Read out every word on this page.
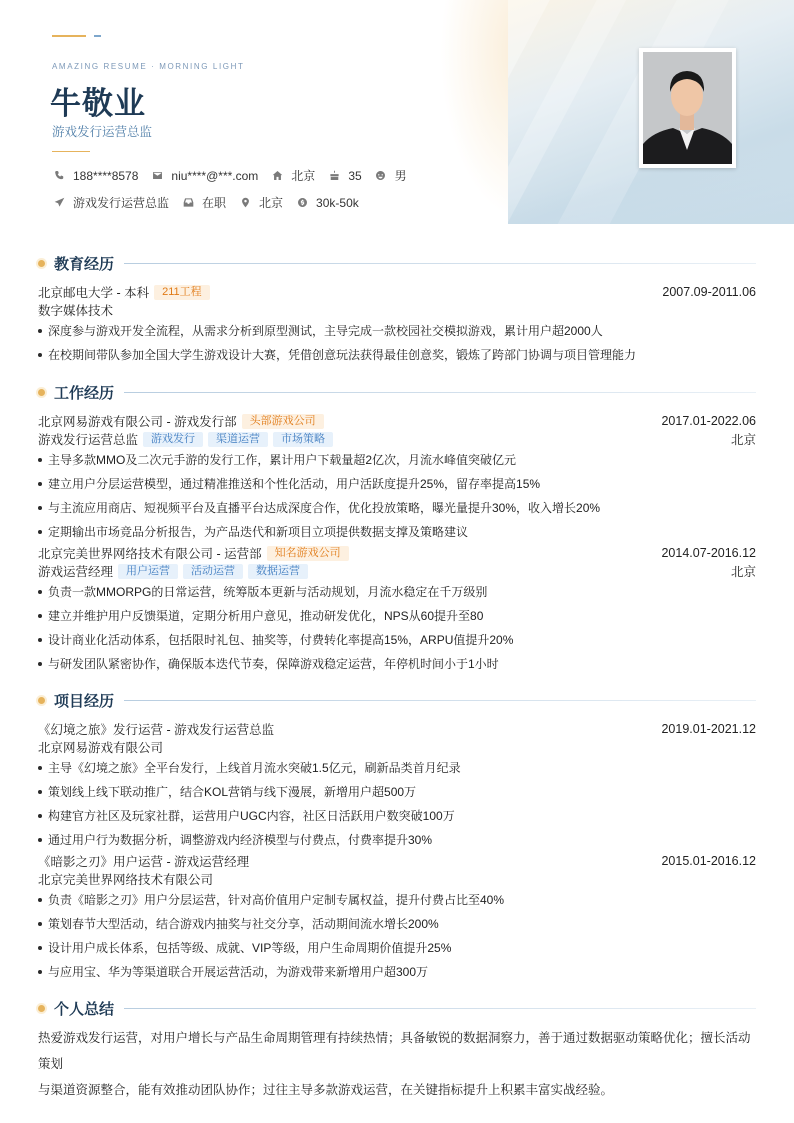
AMAZING RESUME · MORNING LIGHT
牛敬业
游戏发行运营总监
188****8578	niu****@***.com	北京	35	男
游戏发行运营总监	在职	北京	30k-50k
教育经历
北京邮电大学 - 本科	211工程	2007.09-2011.06
数字媒体技术
深度参与游戏开发全流程，从需求分析到原型测试，主导完成一款校园社交模拟游戏，累计用户超2000人
在校期间带队参加全国大学生游戏设计大赛，凭借创意玩法获得最佳创意奖，锻炼了跨部门协调与项目管理能力
工作经历
北京网易游戏有限公司 - 游戏发行部	头部游戏公司	2017.01-2022.06
游戏发行运营总监	游戏发行	渠道运营	市场策略	北京
主导多款MMO及二次元手游的发行工作，累计用户下载量超2亿次，月流水峰值突破亿元
建立用户分层运营模型，通过精准推送和个性化活动，用户活跃度提升25%，留存率提高15%
与主流应用商店、短视频平台及直播平台达成深度合作，优化投放策略，曝光量提升30%，收入增长20%
定期输出市场竞品分析报告，为产品迭代和新项目立项提供数据支撑及策略建议
北京完美世界网络技术有限公司 - 运营部	知名游戏公司	2014.07-2016.12
游戏运营经理	用户运营	活动运营	数据运营	北京
负责一款MMORPG的日常运营，统筹版本更新与活动规划，月流水稳定在千万级别
建立并维护用户反馈渠道，定期分析用户意见，推动研发优化，NPS从60提升至80
设计商业化活动体系，包括限时礼包、抽奖等，付费转化率提高15%，ARPU值提升20%
与研发团队紧密协作，确保版本迭代节奏，保障游戏稳定运营，年停机时间小于1小时
项目经历
《幻境之旅》发行运营 - 游戏发行运营总监	2019.01-2021.12
北京网易游戏有限公司
主导《幻境之旅》全平台发行，上线首月流水突破1.5亿元，刷新品类首月纪录
策划线上线下联动推广，结合KOL营销与线下漫展，新增用户超500万
构建官方社区及玩家社群，运营用户UGC内容，社区日活跃用户数突破100万
通过用户行为数据分析，调整游戏内经济模型与付费点，付费率提升30%
《暗影之刃》用户运营 - 游戏运营经理	2015.01-2016.12
北京完美世界网络技术有限公司
负责《暗影之刃》用户分层运营，针对高价值用户定制专属权益，提升付费占比至40%
策划春节大型活动，结合游戏内抽奖与社交分享，活动期间流水增长200%
设计用户成长体系，包括等级、成就、VIP等级，用户生命周期价值提升25%
与应用宝、华为等渠道联合开展运营活动，为游戏带来新增用户超300万
个人总结
热爱游戏发行运营，对用户增长与产品生命周期管理有持续热情；具备敏锐的数据洞察力，善于通过数据驱动策略优化；擅长活动策划
与渠道资源整合，能有效推动团队协作；过往主导多款游戏运营，在关键指标提升上积累丰富实战经验。
